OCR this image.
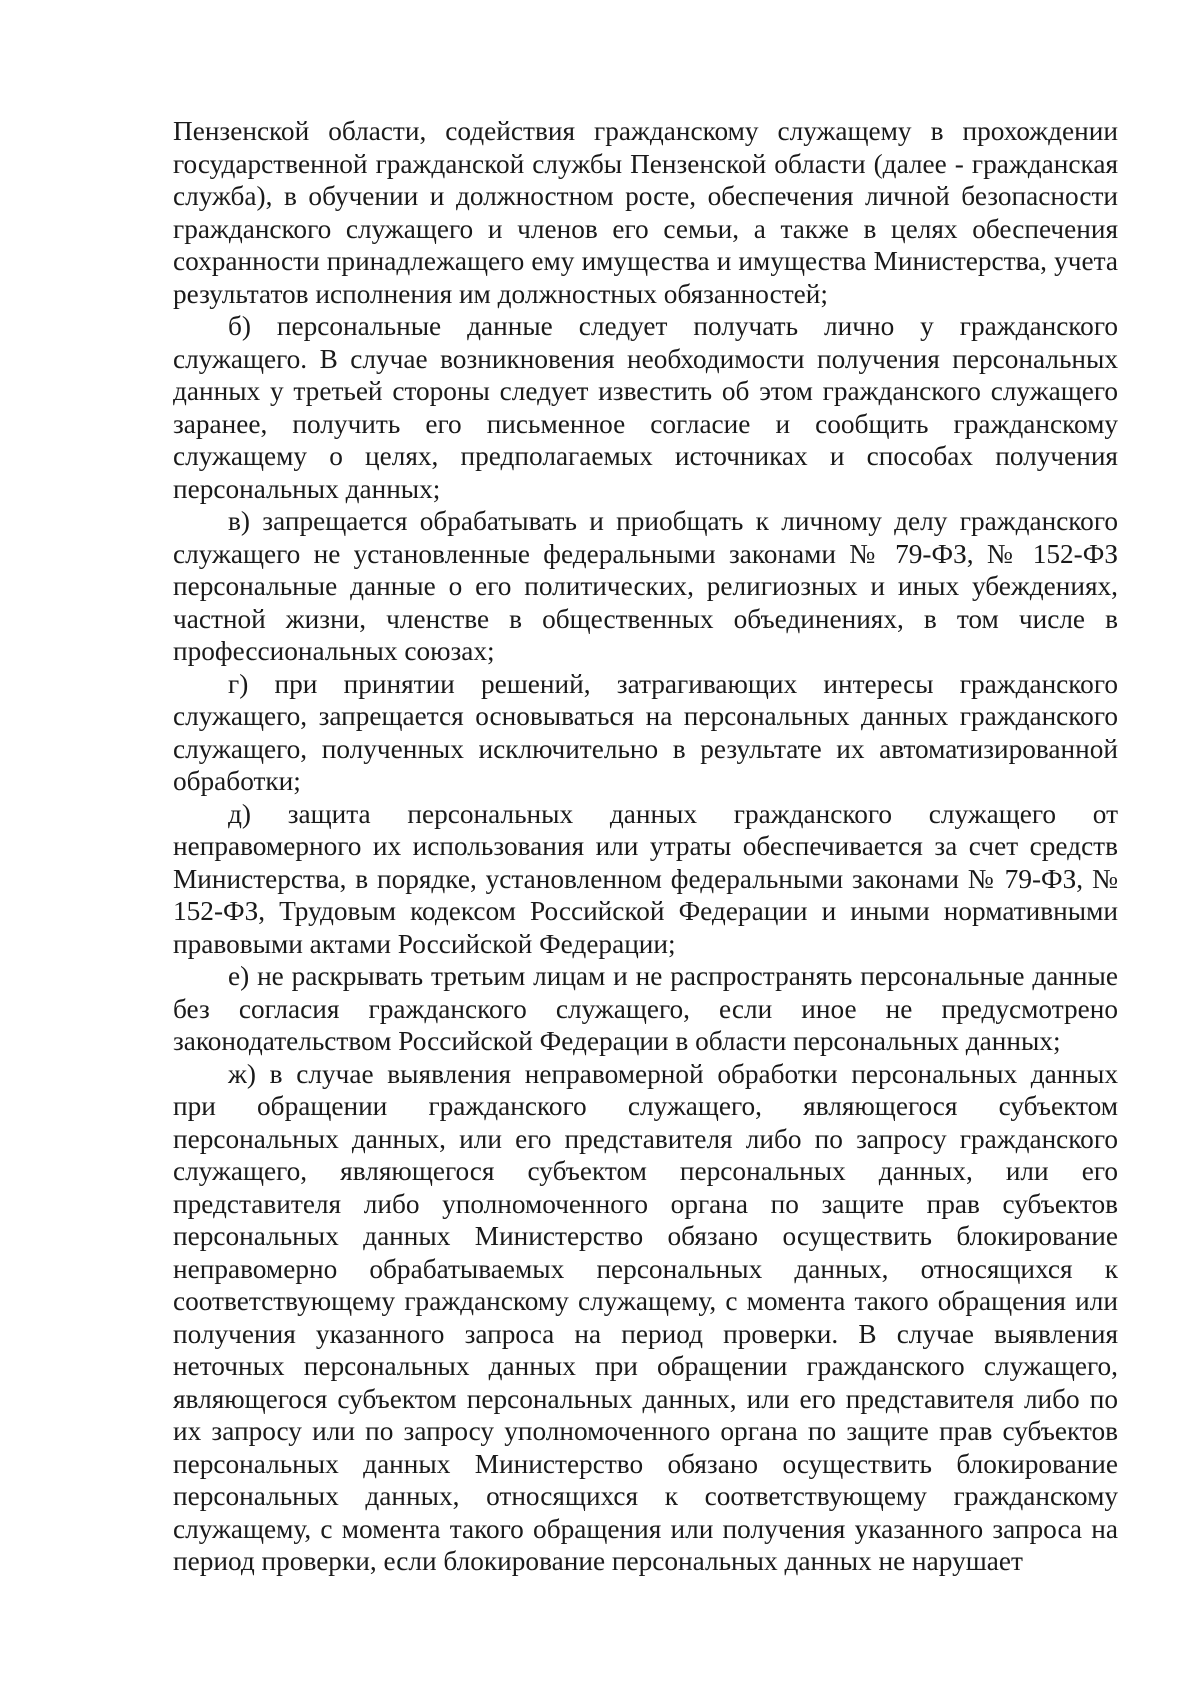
Пензенской области, содействия гражданскому служащему в прохождении государственной гражданской службы Пензенской области (далее - гражданская служба), в обучении и должностном росте, обеспечения личной безопасности гражданского служащего и членов его семьи, а также в целях обеспечения сохранности принадлежащего ему имущества и имущества Министерства, учета результатов исполнения им должностных обязанностей;

б) персональные данные следует получать лично у гражданского служащего. В случае возникновения необходимости получения персональных данных у третьей стороны следует известить об этом гражданского служащего заранее, получить его письменное согласие и сообщить гражданскому служащему о целях, предполагаемых источниках и способах получения персональных данных;

в) запрещается обрабатывать и приобщать к личному делу гражданского служащего не установленные федеральными законами № 79-ФЗ, № 152-ФЗ персональные данные о его политических, религиозных и иных убеждениях, частной жизни, членстве в общественных объединениях, в том числе в профессиональных союзах;

г) при принятии решений, затрагивающих интересы гражданского служащего, запрещается основываться на персональных данных гражданского служащего, полученных исключительно в результате их автоматизированной обработки;

д) защита персональных данных гражданского служащего от неправомерного их использования или утраты обеспечивается за счет средств Министерства, в порядке, установленном федеральными законами № 79-ФЗ, № 152-ФЗ, Трудовым кодексом Российской Федерации и иными нормативными правовыми актами Российской Федерации;

е) не раскрывать третьим лицам и не распространять персональные данные без согласия гражданского служащего, если иное не предусмотрено законодательством Российской Федерации в области персональных данных;

ж) в случае выявления неправомерной обработки персональных данных при обращении гражданского служащего, являющегося субъектом персональных данных, или его представителя либо по запросу гражданского служащего, являющегося субъектом персональных данных, или его представителя либо уполномоченного органа по защите прав субъектов персональных данных Министерство обязано осуществить блокирование неправомерно обрабатываемых персональных данных, относящихся к соответствующему гражданскому служащему, с момента такого обращения или получения указанного запроса на период проверки. В случае выявления неточных персональных данных при обращении гражданского служащего, являющегося субъектом персональных данных, или его представителя либо по их запросу или по запросу уполномоченного органа по защите прав субъектов персональных данных Министерство обязано осуществить блокирование персональных данных, относящихся к соответствующему гражданскому служащему, с момента такого обращения или получения указанного запроса на период проверки, если блокирование персональных данных не нарушает
